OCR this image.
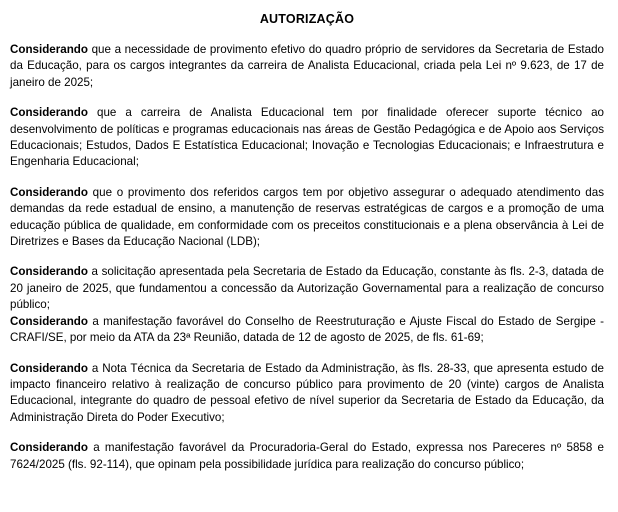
AUTORIZAÇÃO

Considerando que a necessidade de provimento efetivo do quadro próprio de servidores da Secretaria de Estado da Educação, para os cargos integrantes da carreira de Analista Educacional, criada pela Lei nº 9.623, de 17 de janeiro de 2025;

Considerando que a carreira de Analista Educacional tem por finalidade oferecer suporte técnico ao desenvolvimento de políticas e programas educacionais nas áreas de Gestão Pedagógica e de Apoio aos Serviços Educacionais; Estudos, Dados E Estatística Educacional; Inovação e Tecnologias Educacionais; e Infraestrutura e Engenharia Educacional;

Considerando que o provimento dos referidos cargos tem por objetivo assegurar o adequado atendimento das demandas da rede estadual de ensino, a manutenção de reservas estratégicas de cargos e a promoção de uma educação pública de qualidade, em conformidade com os preceitos constitucionais e a plena observância à Lei de Diretrizes e Bases da Educação Nacional (LDB);

Considerando a solicitação apresentada pela Secretaria de Estado da Educação, constante às fls. 2-3, datada de 20 janeiro de 2025, que fundamentou a concessão da Autorização Governamental para a realização de concurso público;

Considerando a manifestação favorável do Conselho de Reestruturação e Ajuste Fiscal do Estado de Sergipe - CRAFI/SE, por meio da ATA da 23ª Reunião, datada de 12 de agosto de 2025, de fls. 61-69;

Considerando a Nota Técnica da Secretaria de Estado da Administração, às fls. 28-33, que apresenta estudo de impacto financeiro relativo à realização de concurso público para provimento de 20 (vinte) cargos de Analista Educacional, integrante do quadro de pessoal efetivo de nível superior da Secretaria de Estado da Educação, da Administração Direta do Poder Executivo;

Considerando a manifestação favorável da Procuradoria-Geral do Estado, expressa nos Pareceres nº 5858 e 7624/2025 (fls. 92-114), que opinam pela possibilidade jurídica para realização do concurso público;
